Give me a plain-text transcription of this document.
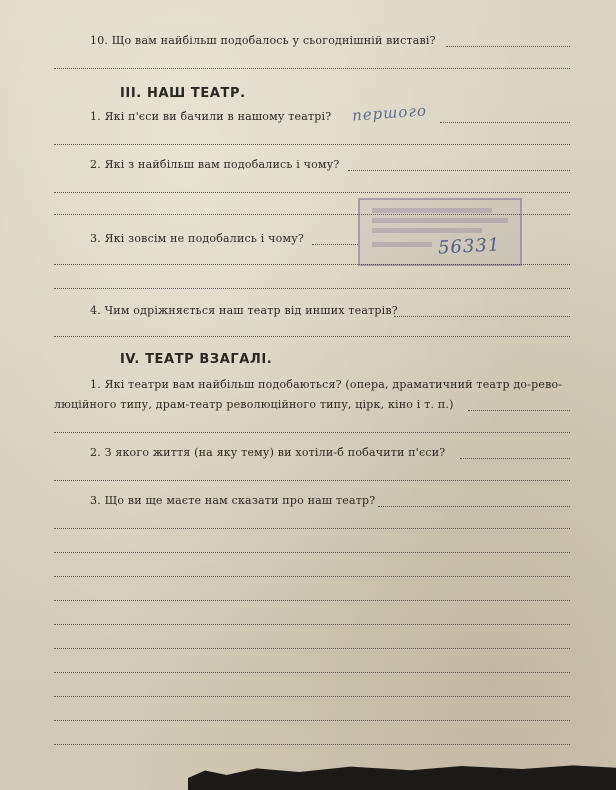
10. Що вам найбільш подобалось у сьогоднішній виставі?
III. НАШ ТЕАТР.
1. Які п'єси ви бачили в нашому театрі? першого
2. Які з найбільш вам подобались і чому?
56331
3. Які зовсім не подобались і чому?
4. Чим одріжняється наш театр від инших театрів?
IV. ТЕАТР ВЗАГАЛІ.
1. Які театри вам найбільш подобаються? (опера, драматичний театр до-рево-
люційного типу, драм-театр революційного типу, цірк, кіно і т. п.)
2. З якого життя (на яку тему) ви хотіли-б побачити п'єси?
3. Що ви ще маєте нам сказати про наш театр?
